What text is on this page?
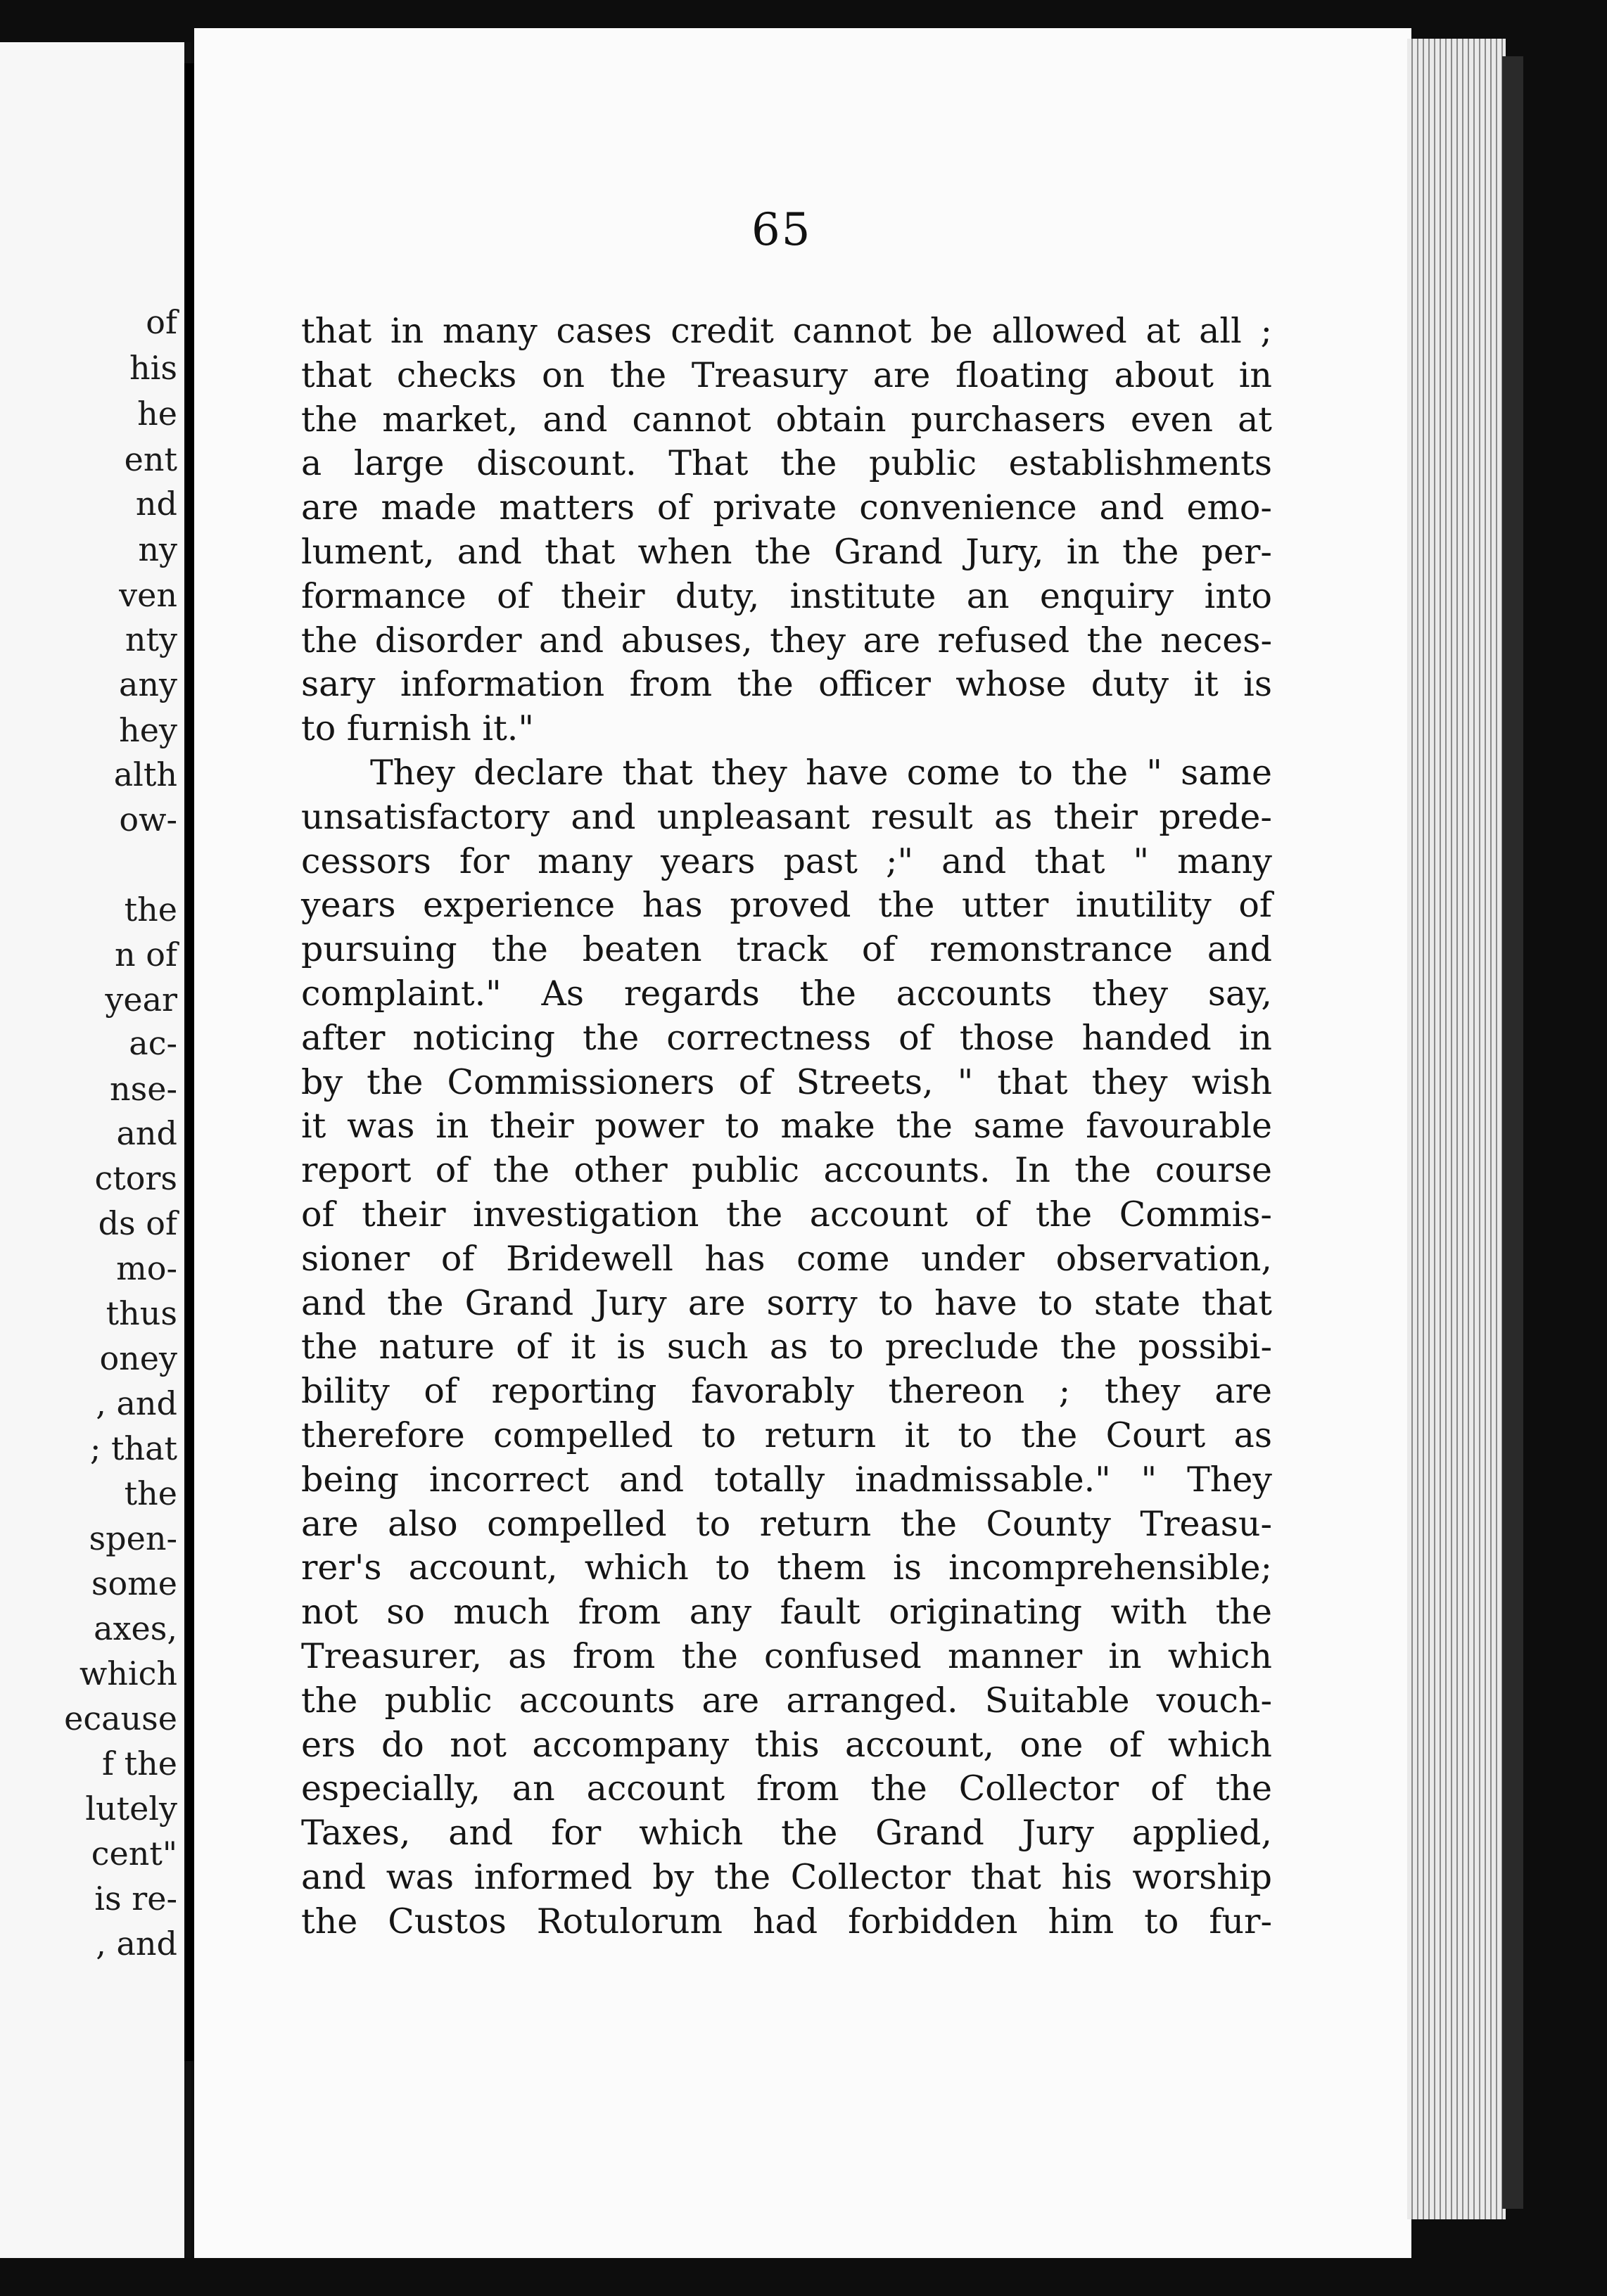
of
his
he
ent
nd
ny
ven
nty
any
hey
alth
ow-
the
n of
year
ac-
nse-
and
ctors
ds of
mo-
thus
oney
, and
; that
the
spen-
some
axes,
which
ecause
f the
lutely
cent"
is re-
, and
65
that in many cases credit cannot be allowed at all ;
that checks on the Treasury are floating about in
the market, and cannot obtain purchasers even at
a large discount. That the public establishments
are made matters of private convenience and emo-
lument, and that when the Grand Jury, in the per-
formance of their duty, institute an enquiry into
the disorder and abuses, they are refused the neces-
sary information from the officer whose duty it is
to furnish it."
They declare that they have come to the " same
unsatisfactory and unpleasant result as their prede-
cessors for many years past ;" and that " many
years experience has proved the utter inutility of
pursuing the beaten track of remonstrance and
complaint." As regards the accounts they say,
after noticing the correctness of those handed in
by the Commissioners of Streets, " that they wish
it was in their power to make the same favourable
report of the other public accounts. In the course
of their investigation the account of the Commis-
sioner of Bridewell has come under observation,
and the Grand Jury are sorry to have to state that
the nature of it is such as to preclude the possibi-
bility of reporting favorably thereon ; they are
therefore compelled to return it to the Court as
being incorrect and totally inadmissable." " They
are also compelled to return the County Treasu-
rer's account, which to them is incomprehensible;
not so much from any fault originating with the
Treasurer, as from the confused manner in which
the public accounts are arranged. Suitable vouch-
ers do not accompany this account, one of which
especially, an account from the Collector of the
Taxes, and for which the Grand Jury applied,
and was informed by the Collector that his worship
the Custos Rotulorum had forbidden him to fur-
